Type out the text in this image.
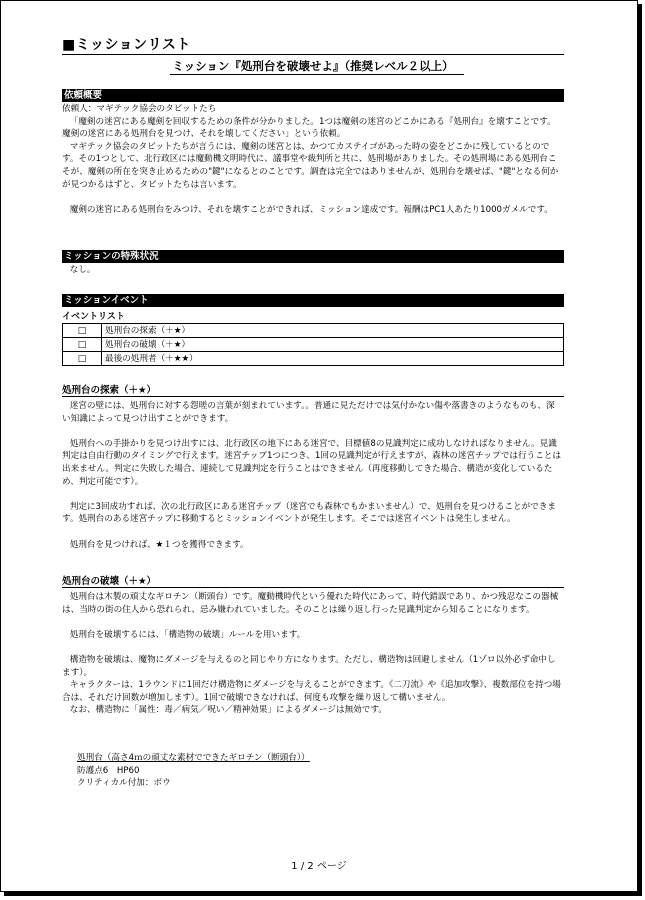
■ミッションリスト
ミッション『処刑台を破壊せよ』（推奨レベル２以上）
依頼概要
依頼人：マギテック協会のタビットたち

「魔剣の迷宮にある魔剣を回収するための条件が分かりました。1つは魔剣の迷宮のどこかにある『処刑台』を壊すことです。魔剣の迷宮にある処刑台を見つけ、それを壊してください」という依頼。

マギテック協会のタビットたちが言うには、魔剣の迷宮とは、かつてカステイゴがあった時の姿をどこかに残しているとのです。その1つとして、北行政区には魔動機文明時代に、議事堂や裁判所と共に、処刑場がありました。その処刑場にある処刑台こそが、魔剣の所在を突き止めるための"鍵"になるとのことです。調査は完全ではありませんが、処刑台を壊せば、"鍵"となる何かが見つかるはずと、タビットたちは言います。

魔剣の迷宮にある処刑台をみつけ、それを壊すことができれば、ミッション達成です。報酬はPC1人あたり1000ガメルです。

ミッションの特殊状況

なし。

ミッションイベント
イベントリスト
□	処刑台の探索（＋★）
□	処刑台の破壊（＋★）
□	最後の処刑者（＋★★）
処刑台の探索（＋★）

迷宮の壁には、処刑台に対する怨嗟の言葉が刻まれています。。普通に見ただけでは気付かない傷や落書きのようなものも、深い知識によって見つけ出すことができます。

処刑台への手掛かりを見つけ出すには、北行政区の地下にある迷宮で、目標値8の見識判定に成功しなければなりません。見識判定は自由行動のタイミングで行えます。迷宮チップ1つにつき、1回の見識判定が行えますが、森林の迷宮チップでは行うことは出来ません。判定に失敗した場合、連続して見識判定を行うことはできません（再度移動してきた場合、構造が変化しているため、判定可能です）。

判定に3回成功すれば、次の北行政区にある迷宮チップ（迷宮でも森林でもかまいません）で、処刑台を見つけることができます。処刑台のある迷宮チップに移動するとミッションイベントが発生します。そこでは迷宮イベントは発生しません。

処刑台を見つければ、★１つを獲得できます。

処刑台の破壊（＋★）

処刑台は木製の頑丈なギロチン（断頭台）です。魔動機時代という優れた時代にあって、時代錯誤であり、かつ残忍なこの器械は、当時の街の住人から恐れられ、忌み嫌われていました。そのことは繰り返し行った見識判定から知ることになります。

処刑台を破壊するには、「構造物の破壊」ルールを用います。

構造物を破壊は、魔物にダメージを与えるのと同じやり方になります。ただし、構造物は回避しません（1ゾロ以外必ず命中します）。

キャラクターは、1ラウンドに1回だけ構造物にダメージを与えることができます。《二刀流》や《追加攻撃》、複数部位を持つ場合は、それだけ回数が増加します）。1回で破壊できなければ、何度も攻撃を繰り返して構いません。

なお、構造物に「属性：毒／病気／呪い／精神効果」によるダメージは無効です。

処刑台（高さ4ｍの頑丈な素材でできたギロチン（断頭台））
防護点6　HP60
クリティカル付加：ボウ
1 / 2 ページ
